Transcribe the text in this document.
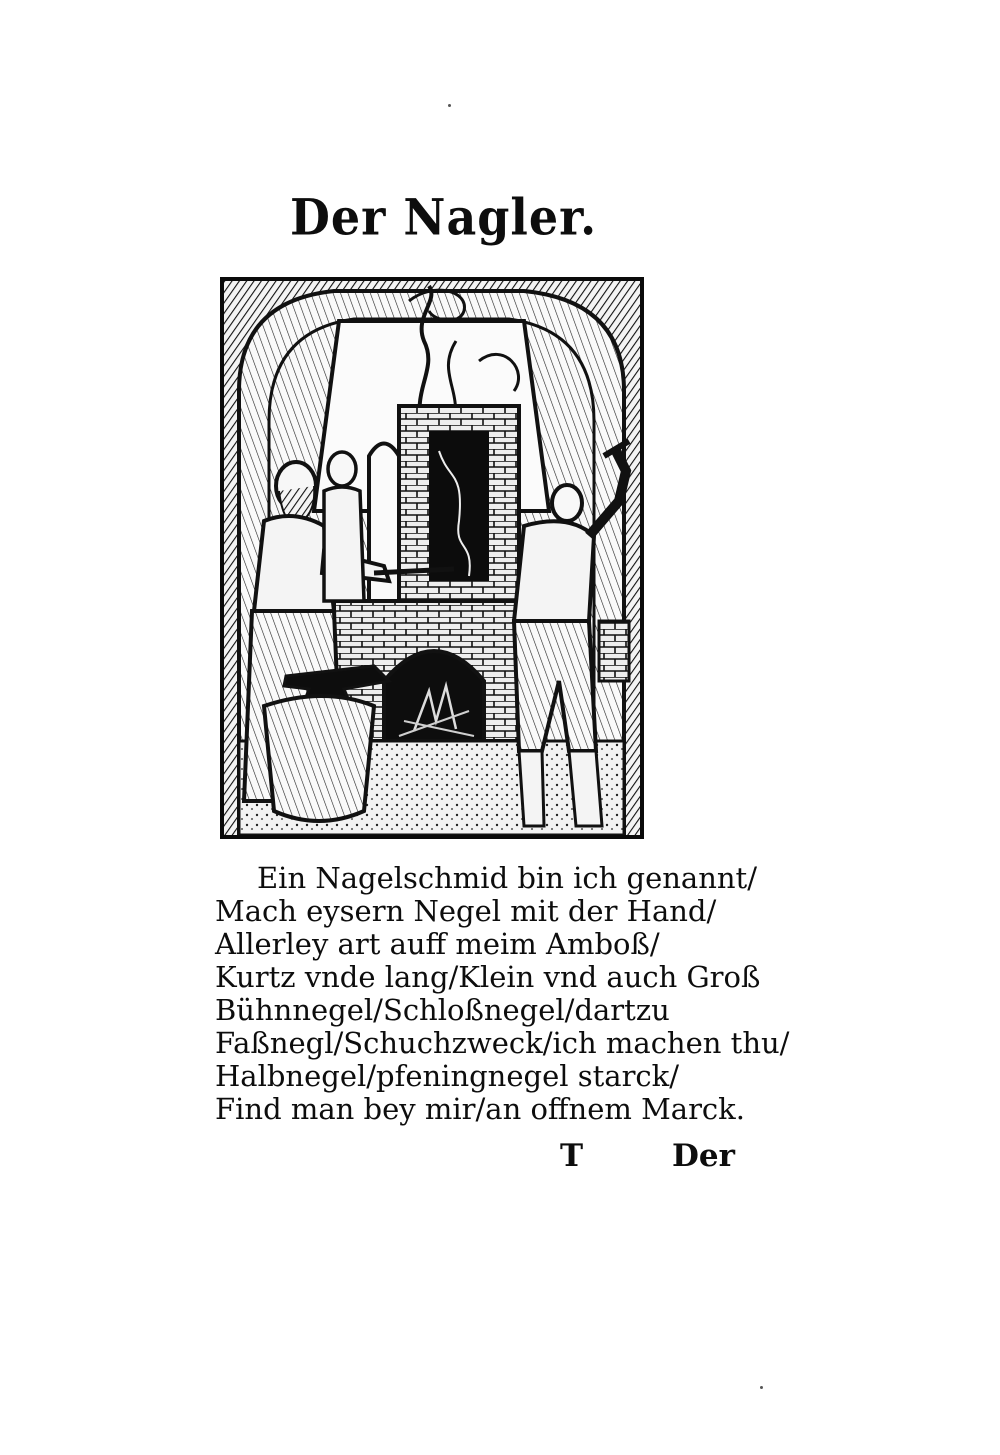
Der Nagler.
Ein Nagelschmid bin ich genannt/
Mach eysern Negel mit der Hand/
Allerley art auff meim Amboß/
Kurtz vnde lang/Klein vnd auch Groß
Bühnnegel/Schloßnegel/dartzu
Faßnegl/Schuchzweck/ich machen thu/
Halbnegel/pfeningnegel starck/
Find man bey mir/an offnem Marck.
T	Der
